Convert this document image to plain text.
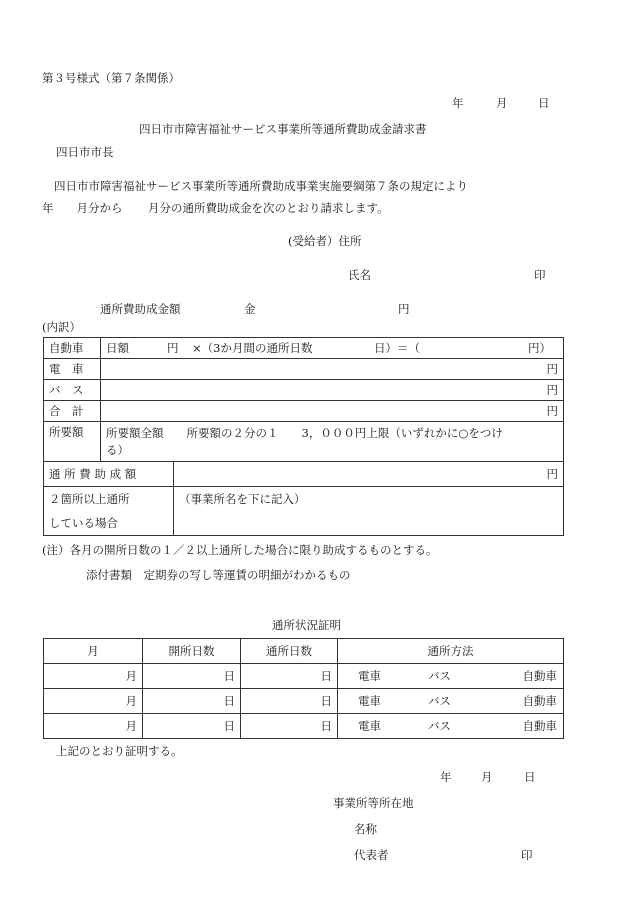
第３号様式（第７条関係）
年	月	日
四日市市障害福祉サービス事業所等通所費助成金請求書
四日市市長
四日市市障害福祉サービス事業所等通所費助成事業実施要綱第７条の規定により
年　　月分から 月分の通所費助成金を次のとおり請求します。
(受給者）住所
氏名	印
通所費助成金額	金	円
(内訳）
自動車	日額 円 ×（3か月間の通所日数 日）＝（ 円）	

電　車	円	
バ　ス	円	
合　計	円	
所要額	所要額全額　　所要額の２分の１　　3，０００円上限（いずれかに○をつけ
る）	

通 所 費 助 成 額		円

２箇所以上通所
している場合		（事業所名を下に記入）
(注）各月の開所日数の１／２以上通所した場合に限り助成するものとする。
添付書類　定期券の写し等運賃の明細がわかるもの
通所状況証明
月	開所日数	通所日数	通所方法
月	日	日	電車 バス 自動車

月	日	日	電車 バス 自動車

月	日	日	電車 バス 自動車
上記のとおり証明する。
年	月	日
事業所等所在地
名称
代表者	印
